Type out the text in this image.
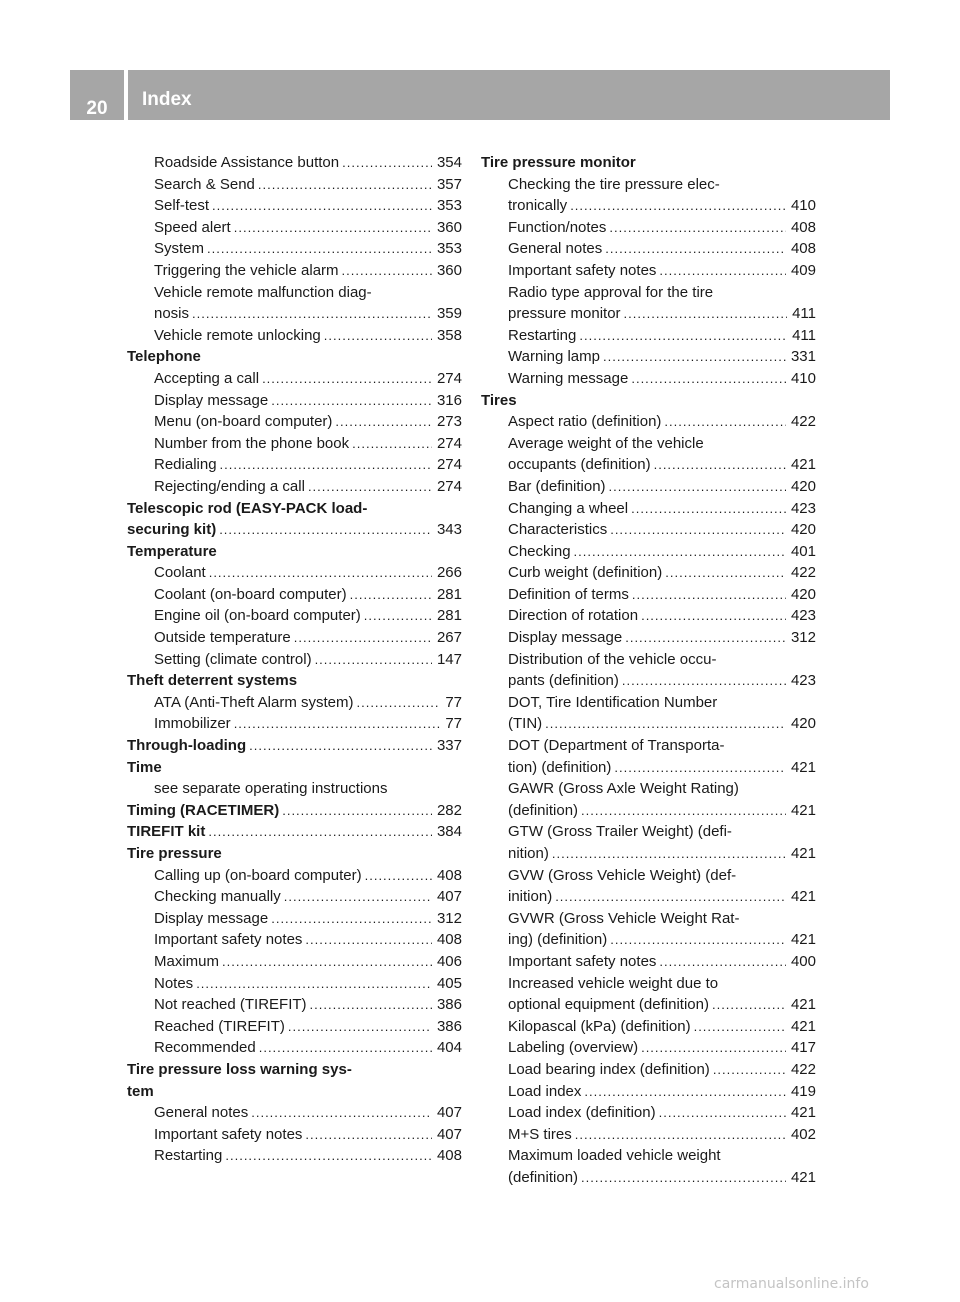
20	Index
Roadside Assistance button .....	354
Search & Send .....	357
Self-test .....	353
Speed alert .....	360
System .....	353
Triggering the vehicle alarm .....	360
Vehicle remote malfunction diag-
nosis .....	359
Vehicle remote unlocking .....	358
Telephone
Accepting a call .....	274
Display message .....	316
Menu (on-board computer) .....	273
Number from the phone book .....	274
Redialing .....	274
Rejecting/ending a call .....	274
Telescopic rod (EASY-PACK load-
securing kit) .....	343
Temperature
Coolant .....	266
Coolant (on-board computer) .....	281
Engine oil (on-board computer) .....	281
Outside temperature .....	267
Setting (climate control) .....	147
Theft deterrent systems
ATA (Anti-Theft Alarm system) .....	77
Immobilizer .....	77
Through-loading .....	337
Time
see separate operating instructions
Timing (RACETIMER) .....	282
TIREFIT kit .....	384
Tire pressure
Calling up (on-board computer) .....	408
Checking manually .....	407
Display message .....	312
Important safety notes .....	408
Maximum .....	406
Notes .....	405
Not reached (TIREFIT) .....	386
Reached (TIREFIT) .....	386
Recommended .....	404
Tire pressure loss warning sys-
tem
General notes .....	407
Important safety notes .....	407
Restarting .....	408
Tire pressure monitor
Checking the tire pressure elec-
tronically .....	410
Function/notes .....	408
General notes .....	408
Important safety notes .....	409
Radio type approval for the tire
pressure monitor .....	411
Restarting .....	411
Warning lamp .....	331
Warning message .....	410
Tires
Aspect ratio (definition) .....	422
Average weight of the vehicle
occupants (definition) .....	421
Bar (definition) .....	420
Changing a wheel .....	423
Characteristics .....	420
Checking .....	401
Curb weight (definition) .....	422
Definition of terms .....	420
Direction of rotation .....	423
Display message .....	312
Distribution of the vehicle occu-
pants (definition) .....	423
DOT, Tire Identification Number
(TIN) .....	420
DOT (Department of Transporta-
tion) (definition) .....	421
GAWR (Gross Axle Weight Rating)
(definition) .....	421
GTW (Gross Trailer Weight) (defi-
nition) .....	421
GVW (Gross Vehicle Weight) (def-
inition) .....	421
GVWR (Gross Vehicle Weight Rat-
ing) (definition) .....	421
Important safety notes .....	400
Increased vehicle weight due to
optional equipment (definition) .....	421
Kilopascal (kPa) (definition) .....	421
Labeling (overview) .....	417
Load bearing index (definition) .....	422
Load index .....	419
Load index (definition) .....	421
M+S tires .....	402
Maximum loaded vehicle weight
(definition) .....	421
carmanualsonline.info
